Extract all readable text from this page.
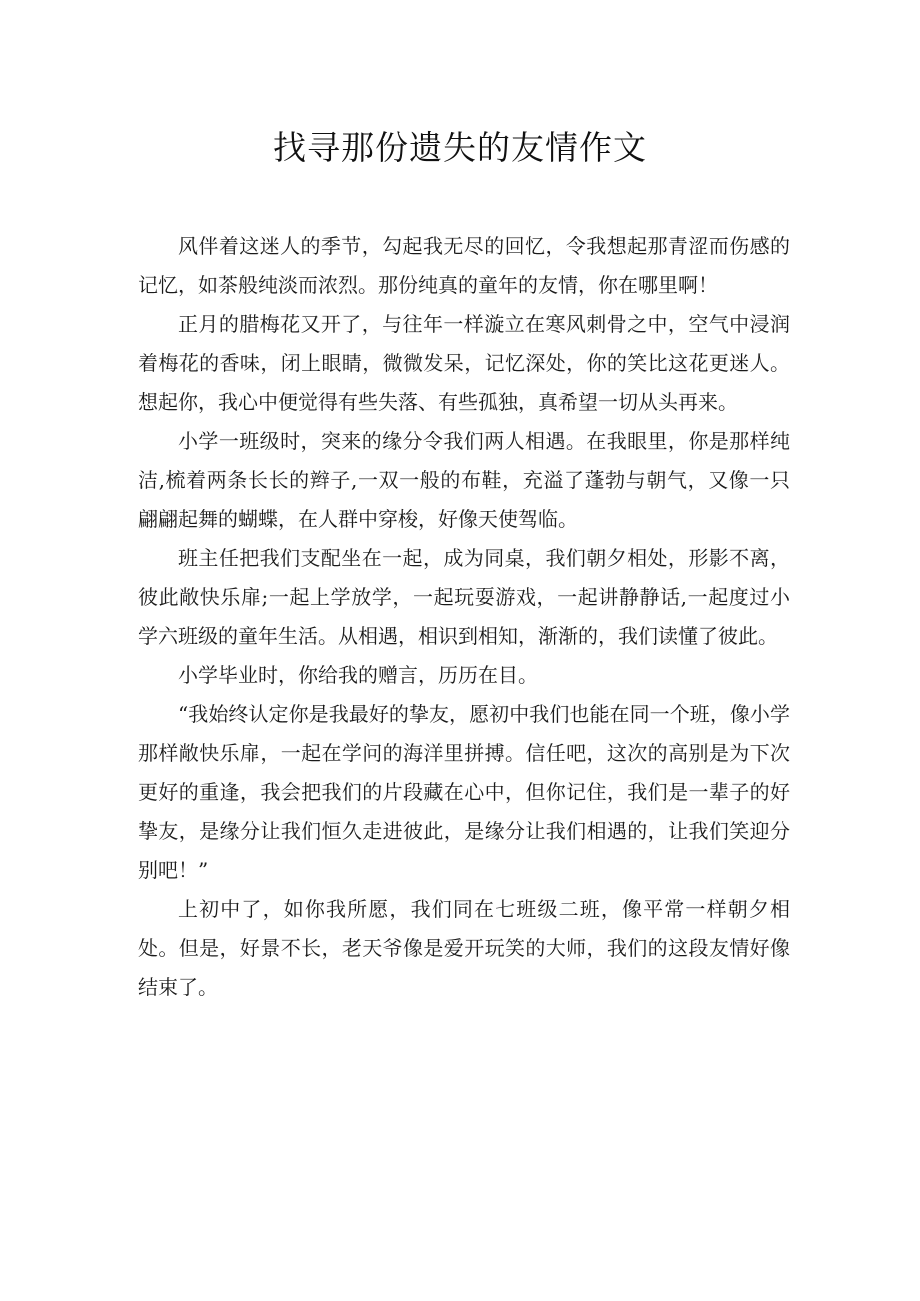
找寻那份遗失的友情作文

风伴着这迷人的季节，勾起我无尽的回忆，令我想起那青涩而伤感的记忆，如茶般纯淡而浓烈。那份纯真的童年的友情，你在哪里啊！

正月的腊梅花又开了，与往年一样漩立在寒风刺骨之中，空气中浸润着梅花的香味，闭上眼睛，微微发呆，记忆深处，你的笑比这花更迷人。想起你，我心中便觉得有些失落、有些孤独，真希望一切从头再来。

小学一班级时，突来的缘分令我们两人相遇。在我眼里，你是那样纯洁,梳着两条长长的辫子,一双一般的布鞋，充溢了蓬勃与朝气，又像一只翩翩起舞的蝴蝶，在人群中穿梭，好像天使驾临。

班主任把我们支配坐在一起，成为同桌，我们朝夕相处，形影不离，彼此敞快乐扉;一起上学放学，一起玩耍游戏，一起讲静静话,一起度过小学六班级的童年生活。从相遇，相识到相知，渐渐的，我们读懂了彼此。

小学毕业时，你给我的赠言，历历在目。

“我始终认定你是我最好的挚友，愿初中我们也能在同一个班，像小学那样敞快乐扉，一起在学问的海洋里拼搏。信任吧，这次的高别是为下次更好的重逢，我会把我们的片段藏在心中，但你记住，我们是一辈子的好挚友，是缘分让我们恒久走进彼此，是缘分让我们相遇的，让我们笑迎分别吧！”

上初中了，如你我所愿，我们同在七班级二班，像平常一样朝夕相处。但是，好景不长，老天爷像是爱开玩笑的大师，我们的这段友情好像结束了。
